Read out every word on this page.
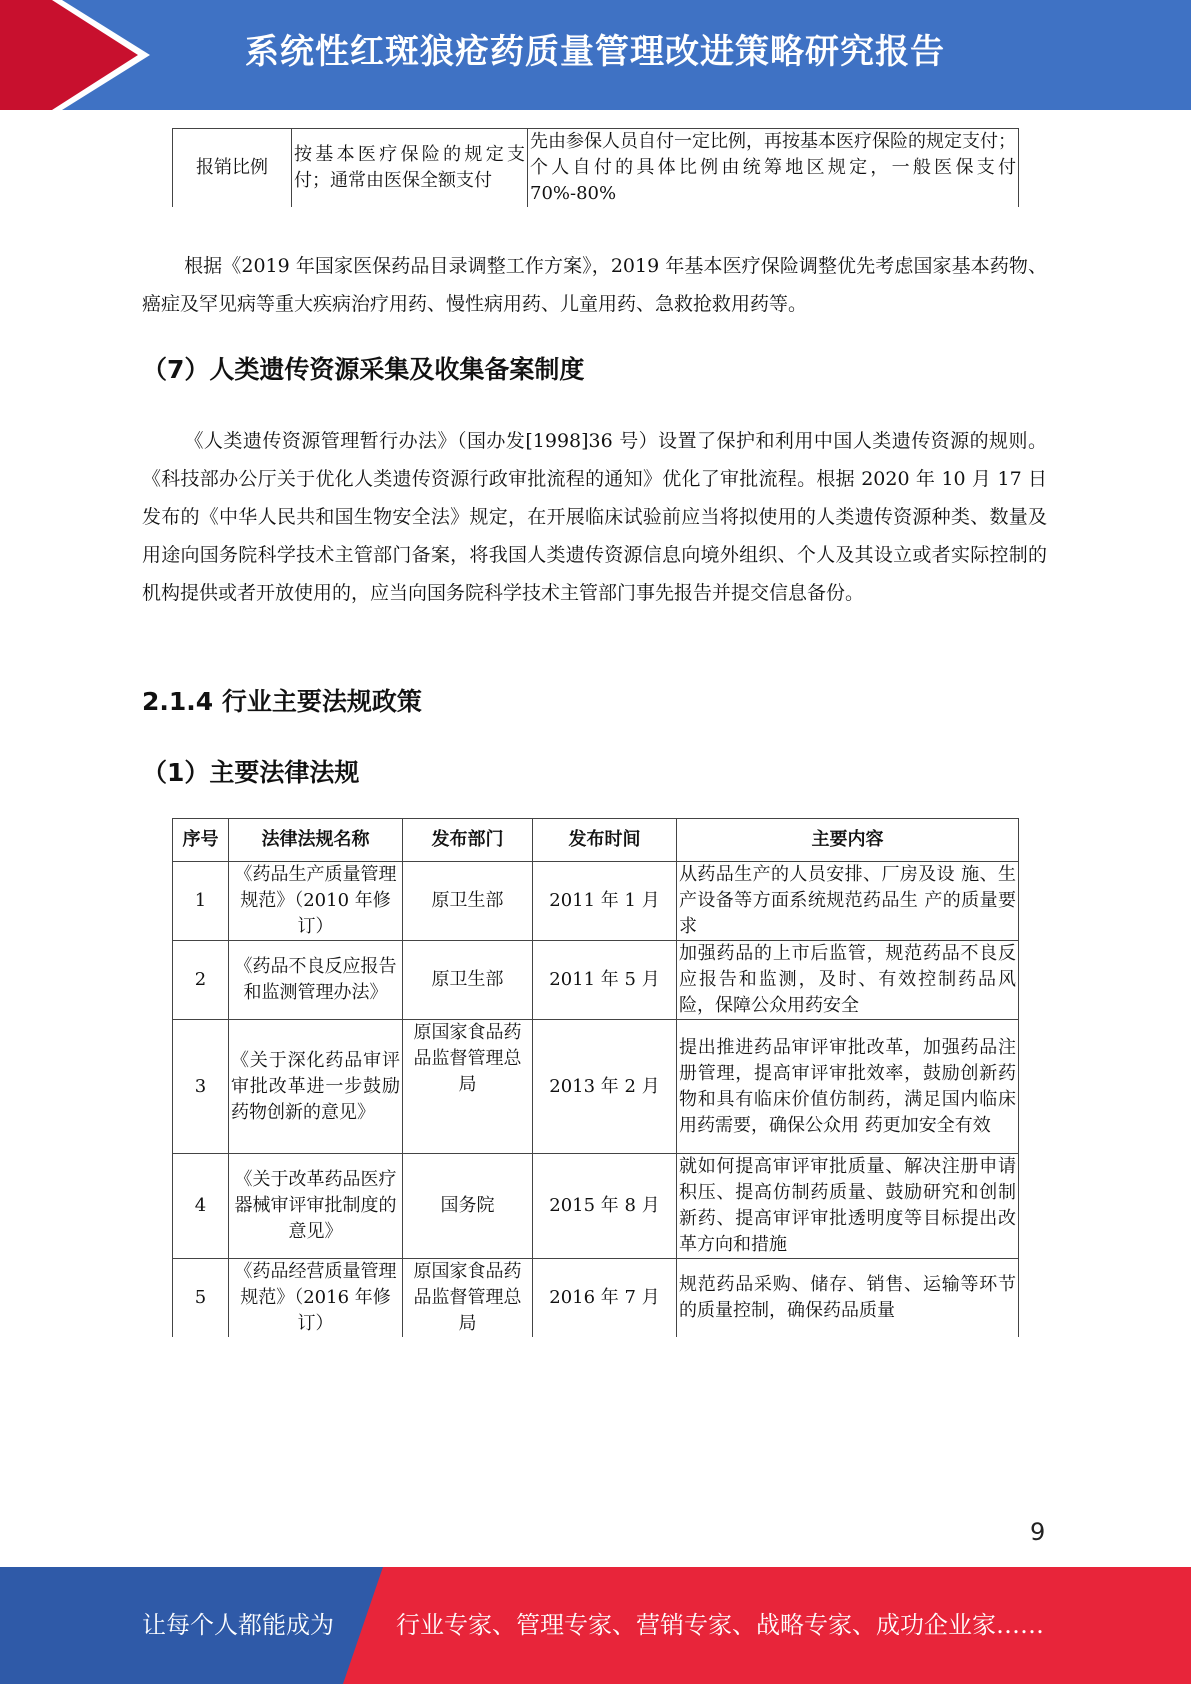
系统性红斑狼疮药质量管理改进策略研究报告
报销比例	按基本医疗保险的规定支付；通常由医保全额支付	先由参保人员自付一定比例，再按基本医疗保险的规定支付；个人自付的具体比例由统筹地区规定，一般医保支付 70%-80%

根据《2019 年国家医保药品目录调整工作方案》，2019 年基本医疗保险调整优先考虑国家基本药物、癌症及罕见病等重大疾病治疗用药、慢性病用药、儿童用药、急救抢救用药等。

（7）人类遗传资源采集及收集备案制度

《人类遗传资源管理暂行办法》（国办发[1998]36 号）设置了保护和利用中国人类遗传资源的规则。《科技部办公厅关于优化人类遗传资源行政审批流程的通知》优化了审批流程。根据 2020 年 10 月 17 日发布的《中华人民共和国生物安全法》规定，在开展临床试验前应当将拟使用的人类遗传资源种类、数量及用途向国务院科学技术主管部门备案，将我国人类遗传资源信息向境外组织、个人及其设立或者实际控制的机构提供或者开放使用的，应当向国务院科学技术主管部门事先报告并提交信息备份。

2.1.4 行业主要法规政策
（1）主要法律法规
序号	法律法规名称	发布部门	发布时间	主要内容
1	《药品生产质量管理规范》（2010 年修订）	原卫生部	2011 年 1 月	从药品生产的人员安排、厂房及设 施、生产设备等方面系统规范药品生 产的质量要求
2	《药品不良反应报告和监测管理办法》	原卫生部	2011 年 5 月	加强药品的上市后监管，规范药品不良反应报告和监测，及时、有效控制药品风险，保障公众用药安全
3	《关于深化药品审评审批改革进一步鼓励药物创新的意见》	原国家食品药品监督管理总局	2013 年 2 月	提出推进药品审评审批改革，加强药品注册管理，提高审评审批效率，鼓励创新药物和具有临床价值仿制药，满足国内临床用药需要，确保公众用 药更加安全有效
4	《关于改革药品医疗器械审评审批制度的意见》	国务院	2015 年 8 月	就如何提高审评审批质量、解决注册申请积压、提高仿制药质量、鼓励研究和创制新药、提高审评审批透明度等目标提出改革方向和措施
5	《药品经营质量管理规范》（2016 年修订）	原国家食品药品监督管理总局	2016 年 7 月	规范药品采购、储存、销售、运输等环节的质量控制，确保药品质量
9
让每个人都能成为	行业专家、管理专家、营销专家、战略专家、成功企业家……
